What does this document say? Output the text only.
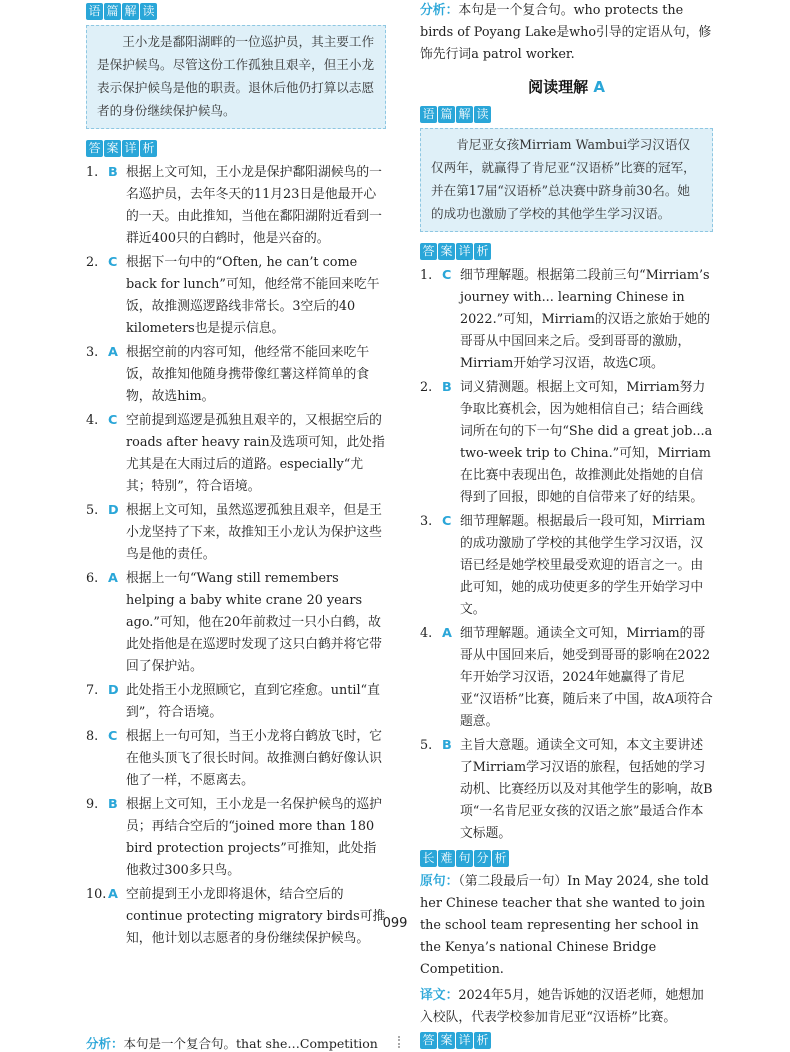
语 篇 解 读

王小龙是鄱阳湖畔的一位巡护员，其主要工作是保护候鸟。尽管这份工作孤独且艰辛，但王小龙表示保护候鸟是他的职责。退休后他仍打算以志愿者的身份继续保护候鸟。

答 案 详 析
1. B 根据上文可知，王小龙是保护鄱阳湖候鸟的一名巡护员，去年冬天的11月23日是他最开心的一天。由此推知，当他在鄱阳湖附近看到一群近400只的白鹤时，他是兴奋的。
2. C 根据下一句中的“Often, he can’t come back for lunch”可知，他经常不能回来吃午饭，故推测巡逻路线非常长。3空后的40 kilometers也是提示信息。
3. A 根据空前的内容可知，他经常不能回来吃午饭，故推知他随身携带像红薯这样简单的食物，故选him。
4. C 空前提到巡逻是孤独且艰辛的，又根据空后的roads after heavy rain及选项可知，此处指尤其是在大雨过后的道路。especially“尤其；特别”，符合语境。
5. D 根据上文可知，虽然巡逻孤独且艰辛，但是王小龙坚持了下来，故推知王小龙认为保护这些鸟是他的责任。
6. A 根据上一句“Wang still remembers helping a baby white crane 20 years ago.”可知，他在20年前救过一只小白鹤，故此处指他是在巡逻时发现了这只白鹤并将它带回了保护站。
7. D 此处指王小龙照顾它，直到它痊愈。until“直到”，符合语境。
8. C 根据上一句可知，当王小龙将白鹤放飞时，它在他头顶飞了很长时间。故推测白鹤好像认识他了一样，不愿离去。
9. B 根据上文可知，王小龙是一名保护候鸟的巡护员；再结合空后的“joined more than 180 bird protection projects”可推知，此处指他救过300多只鸟。
10. A 空前提到王小龙即将退休，结合空后的continue protecting migratory birds可推知，他计划以志愿者的身份继续保护候鸟。

分析：本句是一个复合句。who protects the birds of Poyang Lake是who引导的定语从句，修饰先行词a patrol worker.

阅读理解 A
语 篇 解 读

肯尼亚女孩Mirriam Wambui学习汉语仅仅两年，就赢得了肯尼亚“汉语桥”比赛的冠军，并在第17届“汉语桥”总决赛中跻身前30名。她的成功也激励了学校的其他学生学习汉语。

答 案 详 析
1. C 细节理解题。根据第二段前三句“Mirriam’s journey with... learning Chinese in 2022.”可知，Mirriam的汉语之旅始于她的哥哥从中国回来之后。受到哥哥的激励，Mirriam开始学习汉语，故选C项。
2. B 词义猜测题。根据上文可知，Mirriam努力争取比赛机会，因为她相信自己；结合画线词所在句的下一句“She did a great job...a two-week trip to China.”可知，Mirriam在比赛中表现出色，故推测此处指她的自信得到了回报，即她的自信带来了好的结果。
3. C 细节理解题。根据最后一段可知，Mirriam的成功激励了学校的其他学生学习汉语，汉语已经是她学校里最受欢迎的语言之一。由此可知，她的成功使更多的学生开始学习中文。
4. A 细节理解题。通读全文可知，Mirriam的哥哥从中国回来后，她受到哥哥的影响在2022年开始学习汉语，2024年她赢得了肯尼亚“汉语桥”比赛，随后来了中国，故A项符合题意。
5. B 主旨大意题。通读全文可知，本文主要讲述了Mirriam学习汉语的旅程，包括她的学习动机、比赛经历以及对其他学生的影响，故B项“一名肯尼亚女孩的汉语之旅”最适合作本文标题。
长 难 句 分 析

原句：（第二段最后一句）In May 2024, she told her Chinese teacher that she wanted to join the school team representing her school in the Kenya’s national Chinese Bridge Competition.

译文：2024年5月，她告诉她的汉语老师，她想加入校队，代表学校参加肯尼亚“汉语桥”比赛。

099
分析：本句是一个复合句。that she…Competition	答 案 详 析
